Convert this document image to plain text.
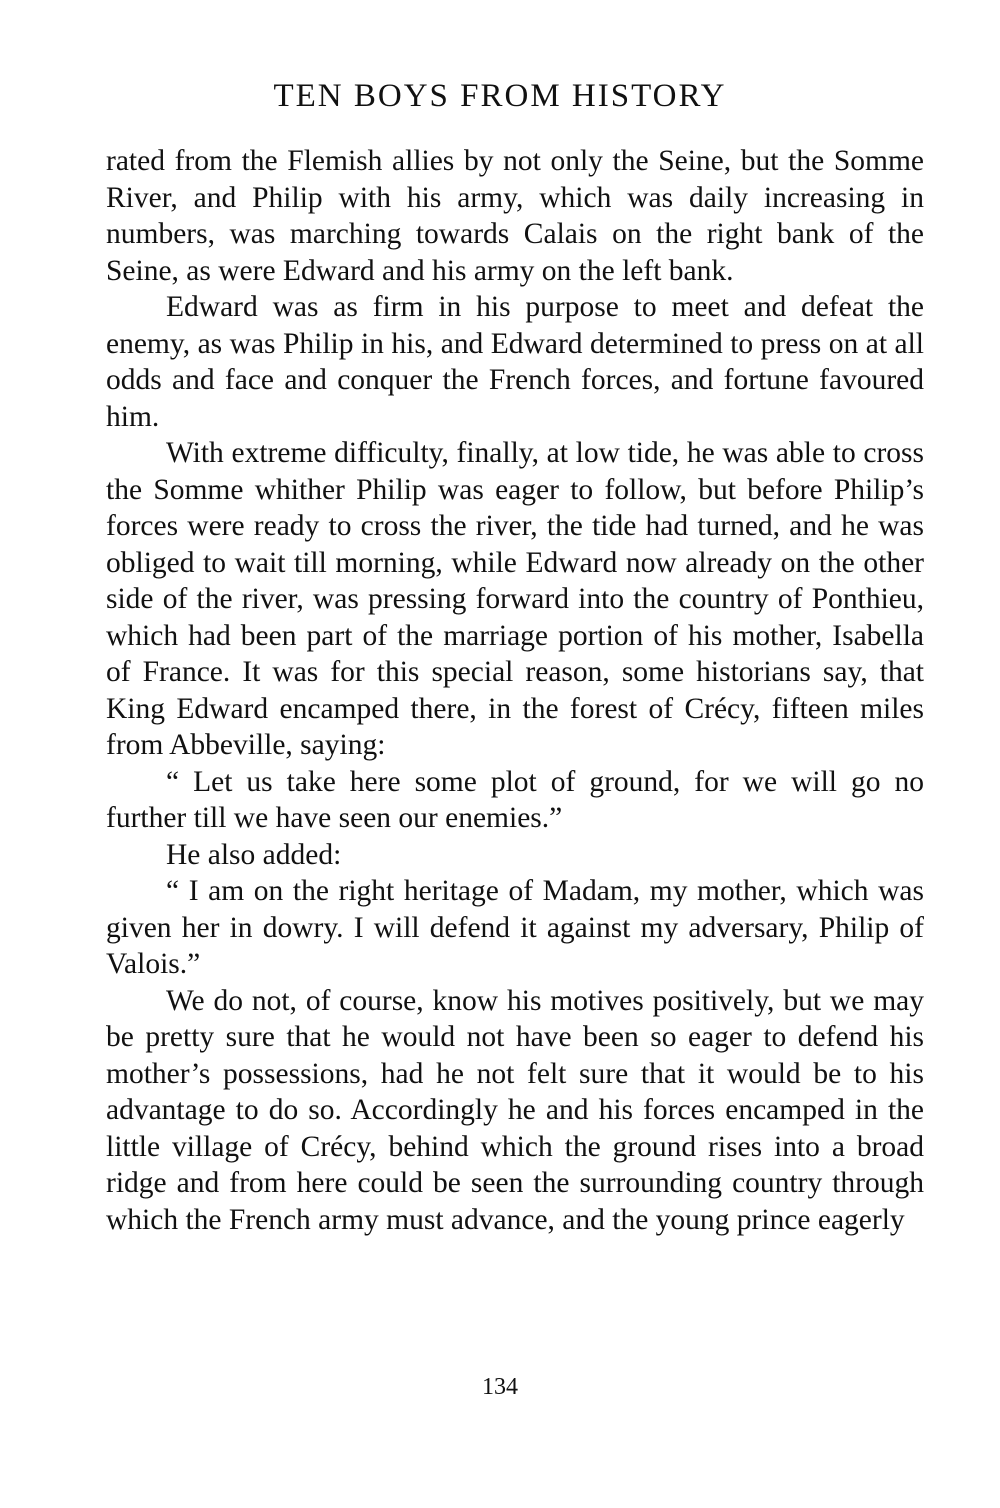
TEN BOYS FROM HISTORY

rated from the Flemish allies by not only the Seine, but the Somme River, and Philip with his army, which was daily increasing in numbers, was marching towards Calais on the right bank of the Seine, as were Edward and his army on the left bank.

Edward was as firm in his purpose to meet and defeat the enemy, as was Philip in his, and Edward determined to press on at all odds and face and conquer the French forces, and fortune favoured him.

With extreme difficulty, finally, at low tide, he was able to cross the Somme whither Philip was eager to follow, but before Philip’s forces were ready to cross the river, the tide had turned, and he was obliged to wait till morning, while Edward now already on the other side of the river, was pressing forward into the country of Ponthieu, which had been part of the marriage portion of his mother, Isabella of France. It was for this special reason, some historians say, that King Edward encamped there, in the forest of Crécy, fifteen miles from Abbeville, saying:

“ Let us take here some plot of ground, for we will go no further till we have seen our enemies.”

He also added:

“ I am on the right heritage of Madam, my mother, which was given her in dowry. I will defend it against my adversary, Philip of Valois.”

We do not, of course, know his motives positively, but we may be pretty sure that he would not have been so eager to defend his mother’s possessions, had he not felt sure that it would be to his advantage to do so. Accordingly he and his forces encamped in the little village of Crécy, behind which the ground rises into a broad ridge and from here could be seen the surrounding country through which the French army must advance, and the young prince eagerly

134
